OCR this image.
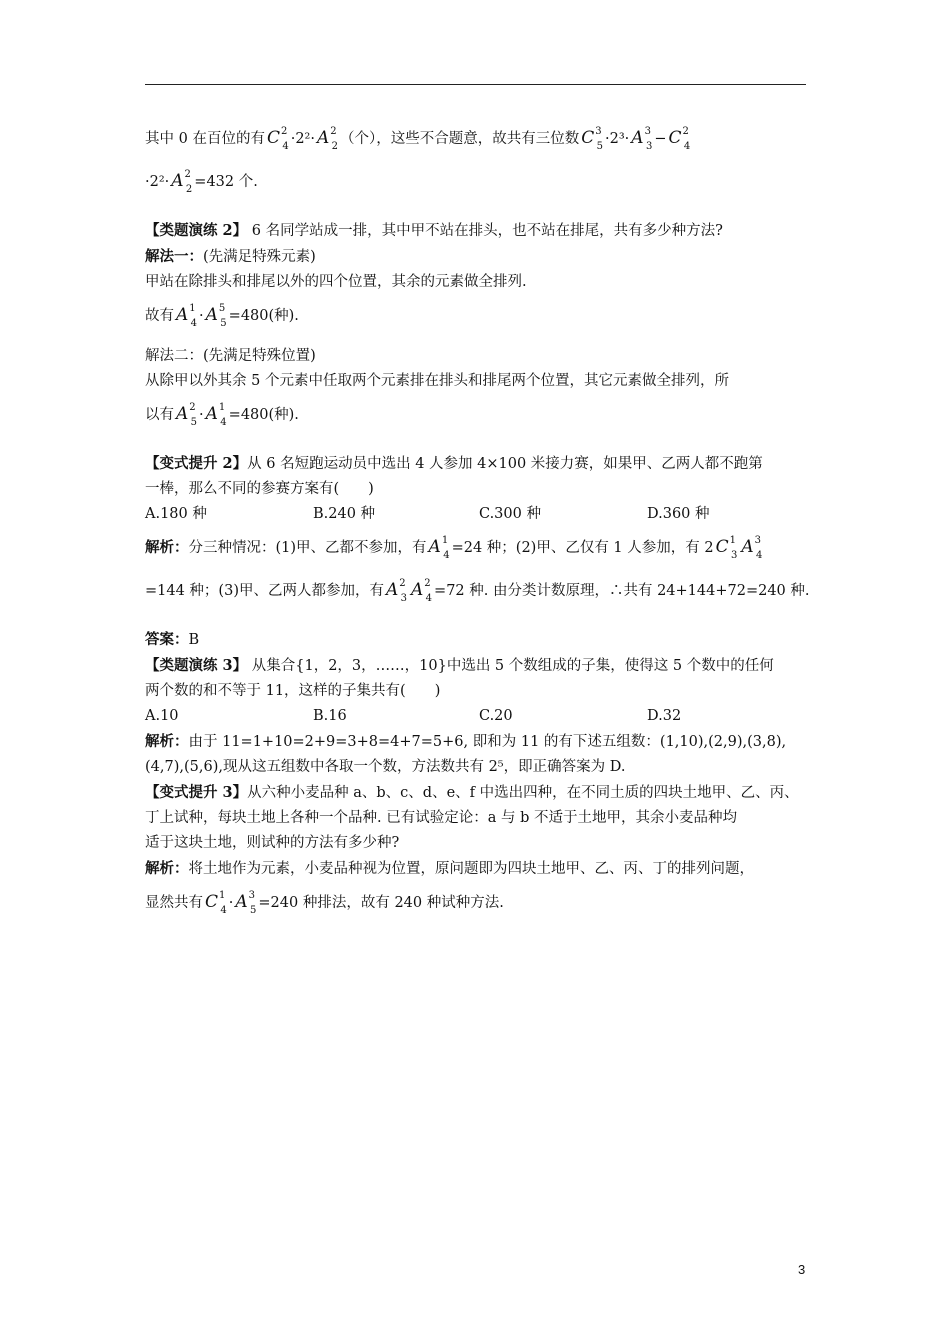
其中 0 在百位的有 $C^2_4 \cdot 2^2\cdot A^2_2$ （个），这些不合题意，故共有三位数 $C^3_5 \cdot 2^3\cdot A^3_3 - C^2_4$

$\cdot 2^2\cdot A^2_2 =432$ 个.

【类题演练 2】 6 名同学站成一排，其中甲不站在排头，也不站在排尾，共有多少种方法?

解法一：(先满足特殊元素)

甲站在除排头和排尾以外的四个位置，其余的元素做全排列.

故有 $A^1_4 \cdot A^5_5 =480$(种).

解法二：(先满足特殊位置)

从除甲以外其余 5 个元素中任取两个元素排在排头和排尾两个位置，其它元素做全排列，所

以有 $A^2_5 \cdot A^1_4 =480$(种).

【变式提升 2】从 6 名短跑运动员中选出 4 人参加 4×100 米接力赛，如果甲、乙两人都不跑第

一棒，那么不同的参赛方案有(　　)

A.180 种	B.240 种	C.300 种	D.360 种

解析：分三种情况：(1)甲、乙都不参加，有 $A^1_4 =24$ 种；(2)甲、乙仅有 1 人参加，有 2 $C^1_3$ $A^3_4$

=144 种；(3)甲、乙两人都参加，有 $A^2_3$ $A^2_4 =72$ 种. 由分类计数原理，∴共有 24+144+72=240 种.

答案：B

【类题演练 3】 从集合{1，2，3，……，10}中选出 5 个数组成的子集，使得这 5 个数中的任何

两个数的和不等于 11，这样的子集共有(　　)

A.10	B.16	C.20	D.32

解析：由于 11=1+10=2+9=3+8=4+7=5+6, 即和为 11 的有下述五组数：(1,10),(2,9),(3,8),

(4,7),(5,6),现从这五组数中各取一个数，方法数共有 2⁵，即正确答案为 D.

【变式提升 3】从六种小麦品种 a、b、c、d、e、f 中选出四种，在不同土质的四块土地甲、乙、丙、

丁上试种，每块土地上各种一个品种. 已有试验定论：a 与 b 不适于土地甲，其余小麦品种均

适于这块土地，则试种的方法有多少种?

解析：将土地作为元素，小麦品种视为位置，原问题即为四块土地甲、乙、丙、丁的排列问题，

显然共有 $C^1_4 \cdot A^3_5 =240$ 种排法，故有 240 种试种方法.

3
